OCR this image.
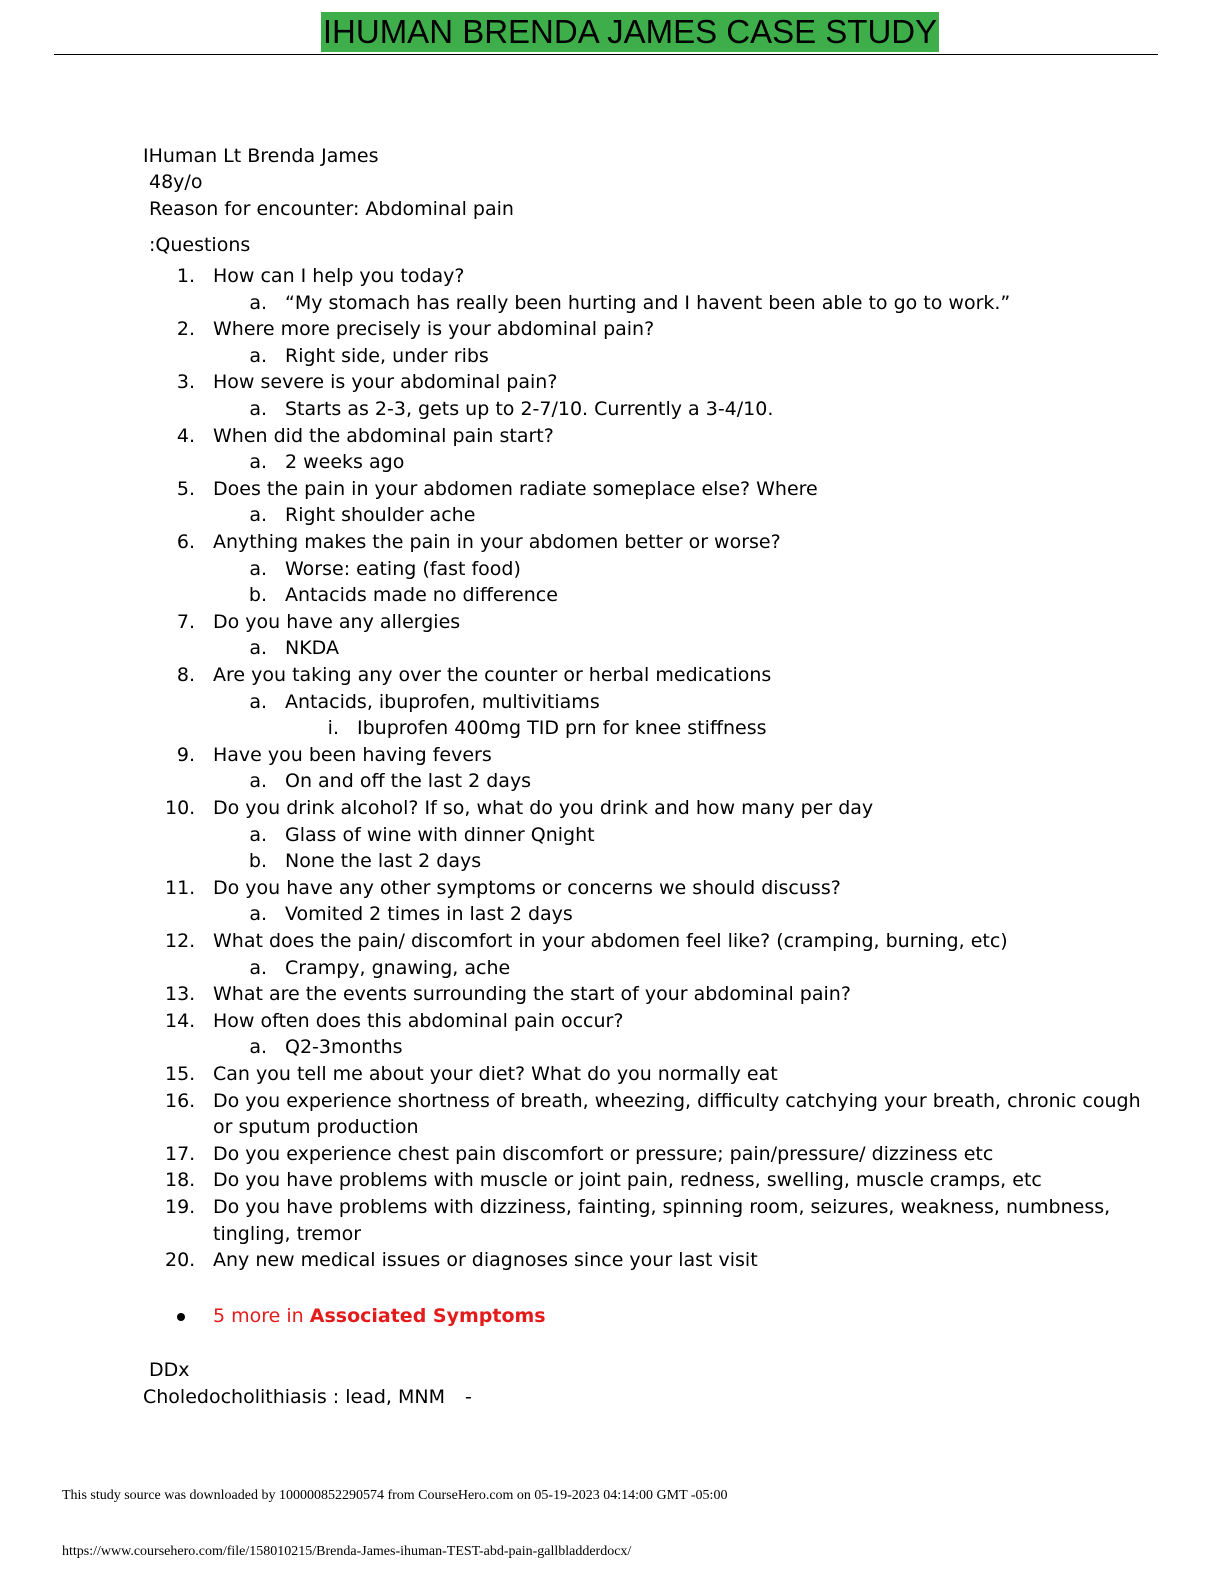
IHUMAN BRENDA JAMES CASE STUDY
IHuman Lt Brenda James
48y/o
Reason for encounter: Abdominal pain
:Questions
1. How can I help you today?
a. “My stomach has really been hurting and I havent been able to go to work.”
2. Where more precisely is your abdominal pain?
a. Right side, under ribs
3. How severe is your abdominal pain?
a. Starts as 2-3, gets up to 2-7/10. Currently a 3-4/10.
4. When did the abdominal pain start?
a. 2 weeks ago
5. Does the pain in your abdomen radiate someplace else? Where
a. Right shoulder ache
6. Anything makes the pain in your abdomen better or worse?
a. Worse: eating (fast food)
b. Antacids made no difference
7. Do you have any allergies
a. NKDA
8. Are you taking any over the counter or herbal medications
a. Antacids, ibuprofen, multivitiams
i. Ibuprofen 400mg TID prn for knee stiffness
9. Have you been having fevers
a. On and off the last 2 days
10. Do you drink alcohol? If so, what do you drink and how many per day
a. Glass of wine with dinner Qnight
b. None the last 2 days
11. Do you have any other symptoms or concerns we should discuss?
a. Vomited 2 times in last 2 days
12. What does the pain/ discomfort in your abdomen feel like? (cramping, burning, etc)
a. Crampy, gnawing, ache
13. What are the events surrounding the start of your abdominal pain?
14. How often does this abdominal pain occur?
a. Q2-3months
15. Can you tell me about your diet? What do you normally eat
16. Do you experience shortness of breath, wheezing, difficulty catchying your breath, chronic cough
or sputum production
17. Do you experience chest pain discomfort or pressure; pain/pressure/ dizziness etc
18. Do you have problems with muscle or joint pain, redness, swelling, muscle cramps, etc
19. Do you have problems with dizziness, fainting, spinning room, seizures, weakness, numbness,
tingling, tremor
20. Any new medical issues or diagnoses since your last visit
5 more in Associated Symptoms
DDx
Choledocholithiasis : lead, MNM -
This study source was downloaded by 100000852290574 from CourseHero.com on 05-19-2023 04:14:00 GMT -05:00
https://www.coursehero.com/file/158010215/Brenda-James-ihuman-TEST-abd-pain-gallbladderdocx/
